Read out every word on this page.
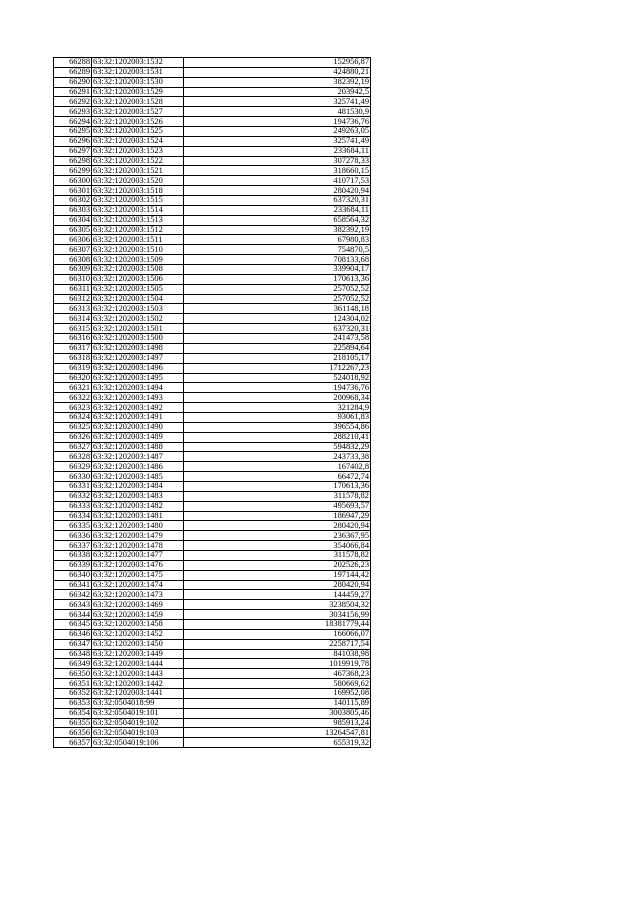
66288	63:32:1202003:1532	152956,87
66289	63:32:1202003:1531	424880,21
66290	63:32:1202003:1530	382392,19
66291	63:32:1202003:1529	203942,5
66292	63:32:1202003:1528	325741,49
66293	63:32:1202003:1527	481530,9
66294	63:32:1202003:1526	194736,76
66295	63:32:1202003:1525	249263,05
66296	63:32:1202003:1524	325741,49
66297	63:32:1202003:1523	233684,11
66298	63:32:1202003:1522	307278,33
66299	63:32:1202003:1521	318660,15
66300	63:32:1202003:1520	410717,53
66301	63:32:1202003:1518	280420,94
66302	63:32:1202003:1515	637320,31
66303	63:32:1202003:1514	233684,11
66304	63:32:1202003:1513	658564,32
66305	63:32:1202003:1512	382392,19
66306	63:32:1202003:1511	67980,83
66307	63:32:1202003:1510	754870,5
66308	63:32:1202003:1509	708133,68
66309	63:32:1202003:1508	339904,17
66310	63:32:1202003:1506	170613,36
66311	63:32:1202003:1505	257052,52
66312	63:32:1202003:1504	257052,52
66313	63:32:1202003:1503	361148,18
66314	63:32:1202003:1502	124304,02
66315	63:32:1202003:1501	637320,31
66316	63:32:1202003:1500	241473,58
66317	63:32:1202003:1498	225894,64
66318	63:32:1202003:1497	218105,17
66319	63:32:1202003:1496	1712267,23
66320	63:32:1202003:1495	524018,92
66321	63:32:1202003:1494	194736,76
66322	63:32:1202003:1493	200968,34
66323	63:32:1202003:1492	321284,9
66324	63:32:1202003:1491	93061,83
66325	63:32:1202003:1490	396554,86
66326	63:32:1202003:1489	288210,41
66327	63:32:1202003:1488	594832,29
66328	63:32:1202003:1487	243733,38
66329	63:32:1202003:1486	167402,8
66330	63:32:1202003:1485	66472,74
66331	63:32:1202003:1484	170613,36
66332	63:32:1202003:1483	311578,82
66333	63:32:1202003:1482	495693,57
66334	63:32:1202003:1481	186947,29
66335	63:32:1202003:1480	280420,94
66336	63:32:1202003:1479	236367,95
66337	63:32:1202003:1478	354066,84
66338	63:32:1202003:1477	311578,82
66339	63:32:1202003:1476	202526,23
66340	63:32:1202003:1475	197144,42
66341	63:32:1202003:1474	280420,94
66342	63:32:1202003:1473	144459,27
66343	63:32:1202003:1469	3238504,32
66344	63:32:1202003:1459	3034156,99
66345	63:32:1202003:1458	18381779,44
66346	63:32:1202003:1452	166066,07
66347	63:32:1202003:1450	2258717,54
66348	63:32:1202003:1449	841038,98
66349	63:32:1202003:1444	1019919,78
66350	63:32:1202003:1443	467368,23
66351	63:32:1202003:1442	580669,62
66352	63:32:1202003:1441	169952,08
66353	63:32:0504018:99	140115,89
66354	63:32:0504019:101	3003805,46
66355	63:32:0504019:102	985913,24
66356	63:32:0504019:103	13264547,81
66357	63:32:0504019:106	655319,32
